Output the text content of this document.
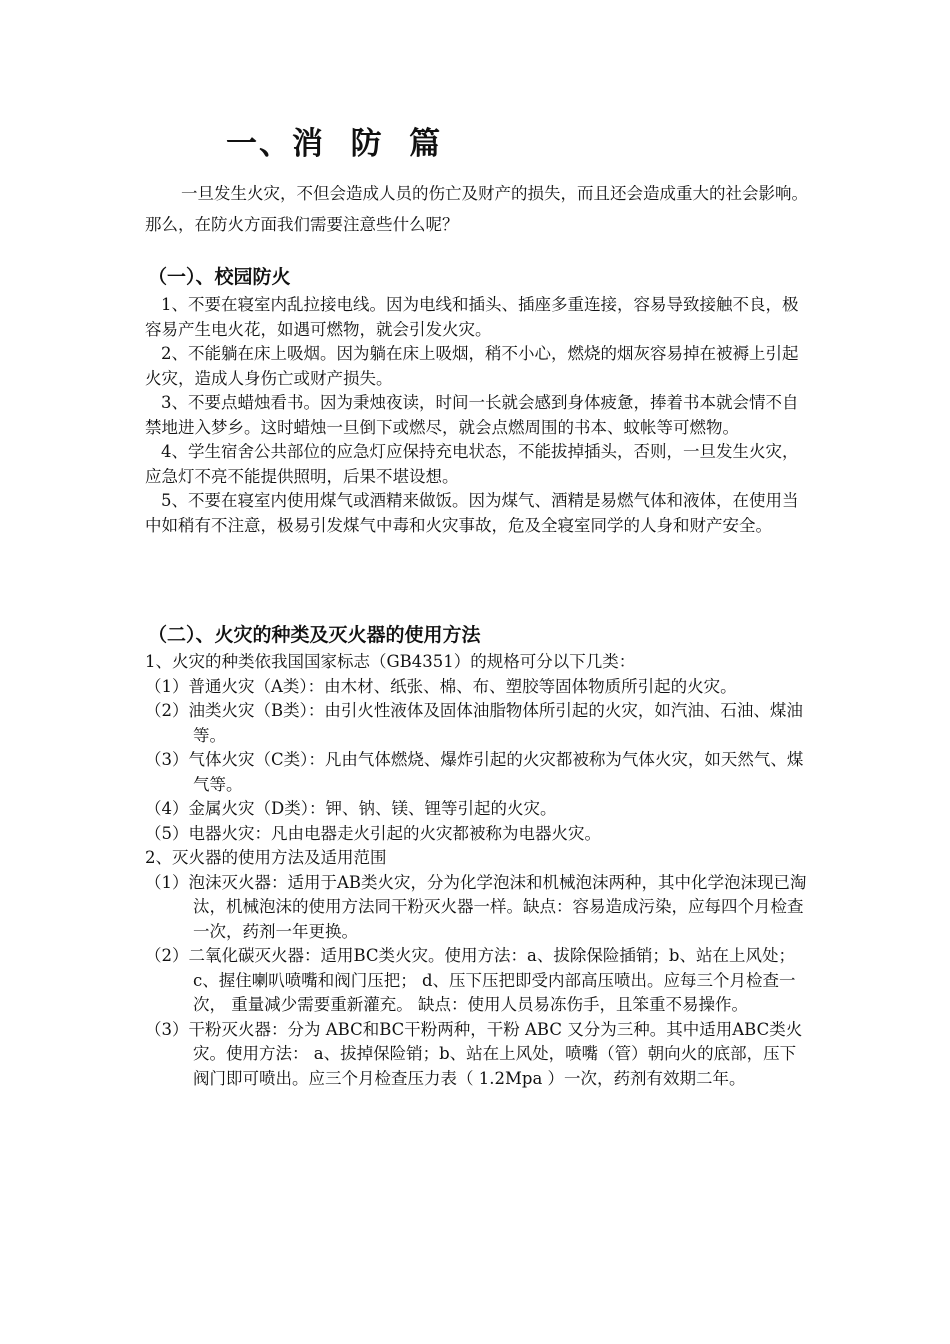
一、消  防  篇

一旦发生火灾，不但会造成人员的伤亡及财产的损失，而且还会造成重大的社会影响。那么，在防火方面我们需要注意些什么呢？

（一）、校园防火

1、不要在寝室内乱拉接电线。因为电线和插头、插座多重连接，容易导致接触不良，极容易产生电火花，如遇可燃物，就会引发火灾。

2、不能躺在床上吸烟。因为躺在床上吸烟，稍不小心，燃烧的烟灰容易掉在被褥上引起火灾，造成人身伤亡或财产损失。

3、不要点蜡烛看书。因为秉烛夜读，时间一长就会感到身体疲惫，捧着书本就会情不自禁地进入梦乡。这时蜡烛一旦倒下或燃尽，就会点燃周围的书本、蚊帐等可燃物。

4、学生宿舍公共部位的应急灯应保持充电状态，不能拔掉插头，否则，一旦发生火灾，应急灯不亮不能提供照明，后果不堪设想。

5、不要在寝室内使用煤气或酒精来做饭。因为煤气、酒精是易燃气体和液体，在使用当中如稍有不注意，极易引发煤气中毒和火灾事故，危及全寝室同学的人身和财产安全。

（二）、火灾的种类及灭火器的使用方法

1、火灾的种类依我国国家标志（GB4351）的规格可分以下几类：

（1）普通火灾（A类）：由木材、纸张、棉、布、塑胶等固体物质所引起的火灾。

（2）油类火灾（B类）：由引火性液体及固体油脂物体所引起的火灾，如汽油、石油、煤油等。

（3）气体火灾（C类）：凡由气体燃烧、爆炸引起的火灾都被称为气体火灾，如天然气、煤气等。

（4）金属火灾（D类）：钾、钠、镁、锂等引起的火灾。

（5）电器火灾：凡由电器走火引起的火灾都被称为电器火灾。

2、灭火器的使用方法及适用范围

（1）泡沫灭火器：适用于AB类火灾，分为化学泡沫和机械泡沫两种，其中化学泡沫现已淘汰，机械泡沫的使用方法同干粉灭火器一样。缺点：容易造成污染，应每四个月检查一次，药剂一年更换。

（2）二氧化碳灭火器：适用BC类火灾。使用方法：a、拔除保险插销；b、站在上风处；c、握住喇叭喷嘴和阀门压把； d、压下压把即受内部高压喷出。应每三个月检查一次， 重量减少需要重新灌充。 缺点：使用人员易冻伤手，且笨重不易操作。

（3）干粉灭火器：分为 ABC和BC干粉两种，干粉 ABC 又分为三种。其中适用ABC类火灾。使用方法： a、拔掉保险销；b、站在上风处，喷嘴（管）朝向火的底部，压下阀门即可喷出。应三个月检查压力表（ 1.2Mpa ）一次，药剂有效期二年。
